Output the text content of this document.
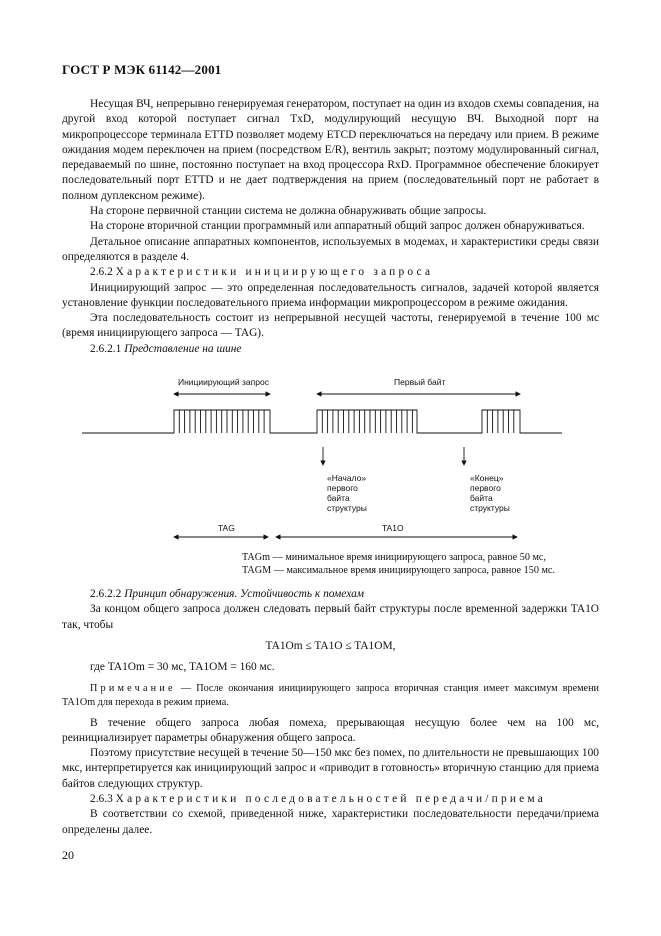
ГОСТ Р МЭК 61142—2001

Несущая ВЧ, непрерывно генерируемая генератором, поступает на один из входов схемы совпадения, на другой вход которой поступает сигнал TxD, модулирующий несущую ВЧ. Выходной порт на микропроцессоре терминала ETTD позволяет модему ETCD переключаться на передачу или прием. В режиме ожидания модем переключен на прием (посредством E/R), вентиль закрыт; поэтому модулированный сигнал, передаваемый по шине, постоянно поступает на вход процессора RxD. Программное обеспечение блокирует последовательный порт ETTD и не дает подтверждения на прием (последовательный порт не работает в полном дуплексном режиме).

На стороне первичной станции система не должна обнаруживать общие запросы.

На стороне вторичной станции программный или аппаратный общий запрос должен обнаруживаться.

Детальное описание аппаратных компонентов, используемых в модемах, и характеристики среды связи определяются в разделе 4.

2.6.2 Характеристики инициирующего запроса

Инициирующий запрос — это определенная последовательность сигналов, задачей которой является установление функции последовательного приема информации микропроцессором в режиме ожидания.

Эта последовательность состоит из непрерывной несущей частоты, генерируемой в течение 100 мс (время инициирующего запроса — TAG).

2.6.2.1 Представление на шине

Инициирующий запрос	Первый байт
«Начало»
первого
байта
структуры
«Конец»
первого
байта
структуры
TAG	TA1O
TAGm — минимальное время инициирующего запроса, равное 50 мс,
TAGM — максимальное время инициирующего запроса, равное 150 мс.

2.6.2.2 Принцип обнаружения. Устойчивость к помехам

За концом общего запроса должен следовать первый байт структуры после временной задержки TA1O так, чтобы

TA1Om ≤ TA1O ≤ TA1OM,

где TA1Om = 30 мс, TA1OM = 160 мс.

Примечание — После окончания инициирующего запроса вторичная станция имеет максимум времени TA1Om для перехода в режим приема.

В течение общего запроса любая помеха, прерывающая несущую более чем на 100 мс, реинициализирует параметры обнаружения общего запроса.

Поэтому присутствие несущей в течение 50—150 мкс без помех, по длительности не превышающих 100 мкс, интерпретируется как инициирующий запрос и «приводит в готовность» вторичную станцию для приема байтов следующих структур.

2.6.3 Характеристики последовательностей передачи/приема

В соответствии со схемой, приведенной ниже, характеристики последовательности передачи/приема определены далее.

20
